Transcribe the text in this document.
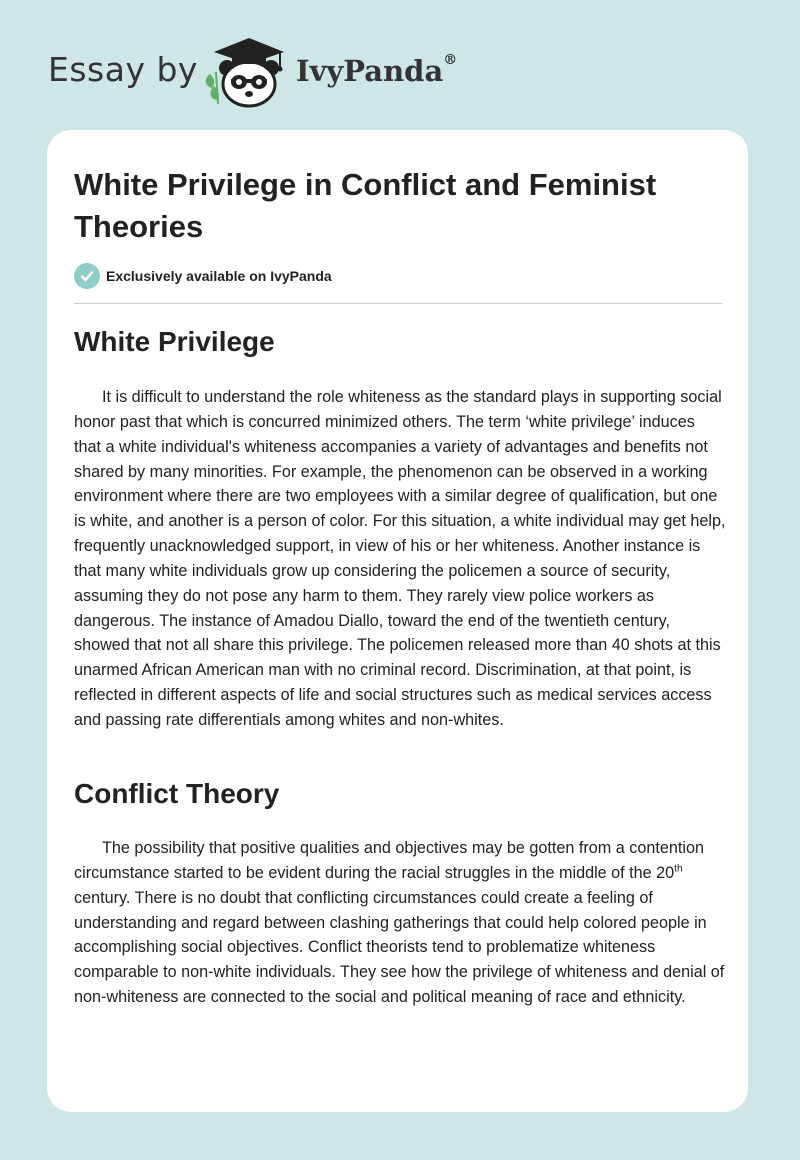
Essay by	IvyPanda®
White Privilege in Conflict and Feminist Theories
Exclusively available on IvyPanda
White Privilege

It is difficult to understand the role whiteness as the standard plays in supporting social honor past that which is concurred minimized others. The term ‘white privilege’ induces that a white individual's whiteness accompanies a variety of advantages and benefits not shared by many minorities. For example, the phenomenon can be observed in a working environment where there are two employees with a similar degree of qualification, but one is white, and another is a person of color. For this situation, a white individual may get help, frequently unacknowledged support, in view of his or her whiteness. Another instance is that many white individuals grow up considering the policemen a source of security, assuming they do not pose any harm to them. They rarely view police workers as dangerous. The instance of Amadou Diallo, toward the end of the twentieth century, showed that not all share this privilege. The policemen released more than 40 shots at this unarmed African American man with no criminal record. Discrimination, at that point, is reflected in different aspects of life and social structures such as medical services access and passing rate differentials among whites and non-whites.

Conflict Theory

The possibility that positive qualities and objectives may be gotten from a contention circumstance started to be evident during the racial struggles in the middle of the 20th century. There is no doubt that conflicting circumstances could create a feeling of understanding and regard between clashing gatherings that could help colored people in accomplishing social objectives. Conflict theorists tend to problematize whiteness comparable to non-white individuals. They see how the privilege of whiteness and denial of non-whiteness are connected to the social and political meaning of race and ethnicity.
